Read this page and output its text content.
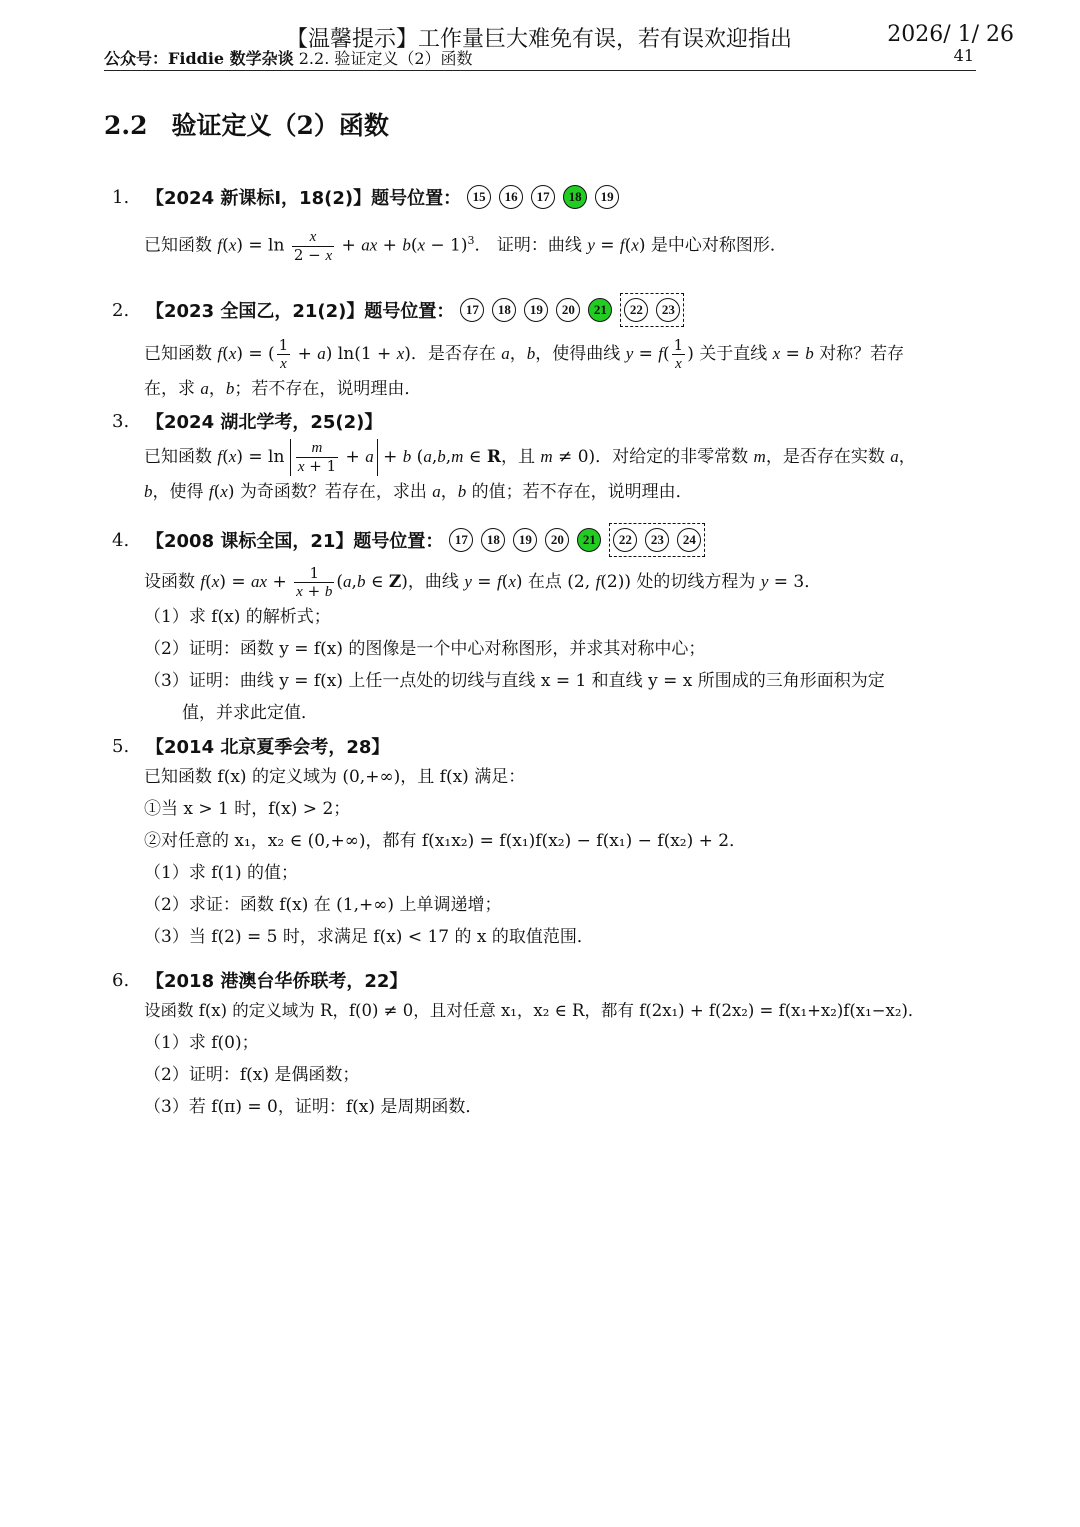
【温馨提示】工作量巨大难免有误，若有误欢迎指出	2026/ 1/ 26
公众号：Fiddie 数学杂谈 2.2. 验证定义（2）函数	41
2.2 验证定义（2）函数
1. 【2024 新课标Ⅰ，18(2)】 题号位置： 15	16	17	18	19
已知函数 $f(x) = \ln \frac{x}{2 - x}$ + ax + $b(x - 1)^3$． 证明：曲线 y = f(x) 是中心对称图形．
2. 【2023 全国乙，21(2)】 题号位置： 17	18	19	20	21	22	23
已知函数 f(x) = ( $\frac{1}{x} + a$) ln(1 + x)．是否存在 a，b，使得曲线 $y = f( \frac{1}{x}$ ) 关于直线 x = b 对称？若存
在，求 a，b；若不存在，说明理由．
3. 【2024 湖北学考，25(2)】
已知函数 $f(x) = \ln \frac{m}{x + 1} + a + b$ (a,b,m ∈ R，且 m ≠ 0)．对给定的非零常数 m，是否存在实数 a，
b，使得 f(x) 为奇函数？若存在，求出 a，b 的值；若不存在，说明理由．
4. 【2008 课标全国，21】 题号位置： 17	18	19	20	21	22	23	24
设函数 f(x) = ax + $\frac{1}{x + b} (a,b$ ∈ Z)，曲线 y = f(x) 在点 (2, f(2)) 处的切线方程为 y = 3．
（1）求 f(x) 的解析式；
（2）证明：函数 y = f(x) 的图像是一个中心对称图形，并求其对称中心；
（3）证明：曲线 y = f(x) 上任一点处的切线与直线 x = 1 和直线 y = x 所围成的三角形面积为定
值，并求此定值．
5. 【2014 北京夏季会考，28】
已知函数 f(x) 的定义域为 (0,+∞)，且 f(x) 满足：
①当 x > 1 时，f(x) > 2；
②对任意的 x₁，x₂ ∈ (0,+∞)，都有 f(x₁x₂) = f(x₁)f(x₂) − f(x₁) − f(x₂) + 2．
（1）求 f(1) 的值；
（2）求证：函数 f(x) 在 (1,+∞) 上单调递增；
（3）当 f(2) = 5 时，求满足 f(x) < 17 的 x 的取值范围．
6. 【2018 港澳台华侨联考，22】
设函数 f(x) 的定义域为 R，f(0) ≠ 0，且对任意 x₁，x₂ ∈ R，都有 f(2x₁) + f(2x₂) = f(x₁+x₂)f(x₁−x₂)．
（1）求 f(0)；
（2）证明：f(x) 是偶函数；
（3）若 f(π) = 0，证明：f(x) 是周期函数．
